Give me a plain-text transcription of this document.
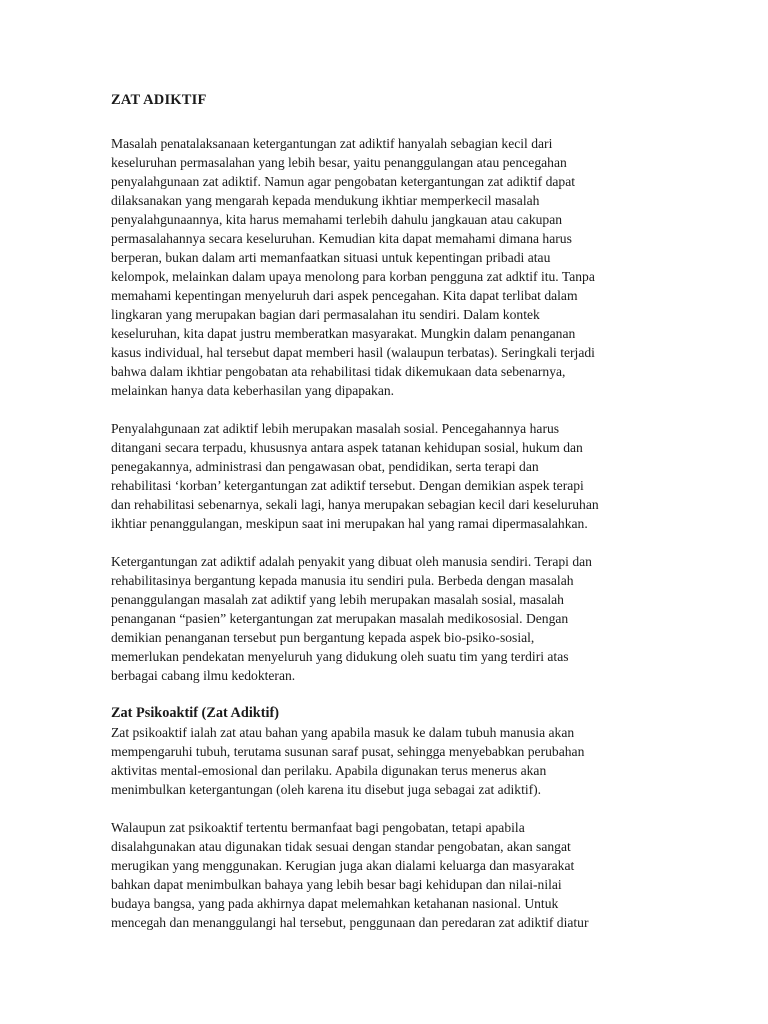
ZAT ADIKTIF

Masalah penatalaksanaan ketergantungan zat adiktif hanyalah sebagian kecil dari
keseluruhan permasalahan yang lebih besar, yaitu penanggulangan atau pencegahan
penyalahgunaan zat adiktif. Namun agar pengobatan ketergantungan zat adiktif dapat
dilaksanakan yang mengarah kepada mendukung ikhtiar memperkecil masalah
penyalahgunaannya, kita harus memahami terlebih dahulu jangkauan atau cakupan
permasalahannya secara keseluruhan. Kemudian kita dapat memahami dimana harus
berperan, bukan dalam arti memanfaatkan situasi untuk kepentingan pribadi atau
kelompok, melainkan dalam upaya menolong para korban pengguna zat adktif itu. Tanpa
memahami kepentingan menyeluruh dari aspek pencegahan. Kita dapat terlibat dalam
lingkaran yang merupakan bagian dari permasalahan itu sendiri. Dalam kontek
keseluruhan, kita dapat justru memberatkan masyarakat. Mungkin dalam penanganan
kasus individual, hal tersebut dapat memberi hasil (walaupun terbatas). Seringkali terjadi
bahwa dalam ikhtiar pengobatan ata rehabilitasi tidak dikemukaan data sebenarnya,
melainkan hanya data keberhasilan yang dipapakan.

Penyalahgunaan zat adiktif lebih merupakan masalah sosial. Pencegahannya harus
ditangani secara terpadu, khususnya antara aspek tatanan kehidupan sosial, hukum dan
penegakannya, administrasi dan pengawasan obat, pendidikan, serta terapi dan
rehabilitasi ‘korban’ ketergantungan zat adiktif tersebut. Dengan demikian aspek terapi
dan rehabilitasi sebenarnya, sekali lagi, hanya merupakan sebagian kecil dari keseluruhan
ikhtiar penanggulangan, meskipun saat ini merupakan hal yang ramai dipermasalahkan.

Ketergantungan zat adiktif adalah penyakit yang dibuat oleh manusia sendiri. Terapi dan
rehabilitasinya bergantung kepada manusia itu sendiri pula. Berbeda dengan masalah
penanggulangan masalah zat adiktif yang lebih merupakan masalah sosial, masalah
penanganan “pasien” ketergantungan zat merupakan masalah medikososial. Dengan
demikian penanganan tersebut pun bergantung kepada aspek bio-psiko-sosial,
memerlukan pendekatan menyeluruh yang didukung oleh suatu tim yang terdiri atas
berbagai cabang ilmu kedokteran.

Zat Psikoaktif (Zat Adiktif)

Zat psikoaktif ialah zat atau bahan yang apabila masuk ke dalam tubuh manusia akan
mempengaruhi tubuh, terutama susunan saraf pusat, sehingga menyebabkan perubahan
aktivitas mental-emosional dan perilaku. Apabila digunakan terus menerus akan
menimbulkan ketergantungan (oleh karena itu disebut juga sebagai zat adiktif).

Walaupun zat psikoaktif tertentu bermanfaat bagi pengobatan, tetapi apabila
disalahgunakan atau digunakan tidak sesuai dengan standar pengobatan, akan sangat
merugikan yang menggunakan. Kerugian juga akan dialami keluarga dan masyarakat
bahkan dapat menimbulkan bahaya yang lebih besar bagi kehidupan dan nilai-nilai
budaya bangsa, yang pada akhirnya dapat melemahkan ketahanan nasional. Untuk
mencegah dan menanggulangi hal tersebut, penggunaan dan peredaran zat adiktif diatur
